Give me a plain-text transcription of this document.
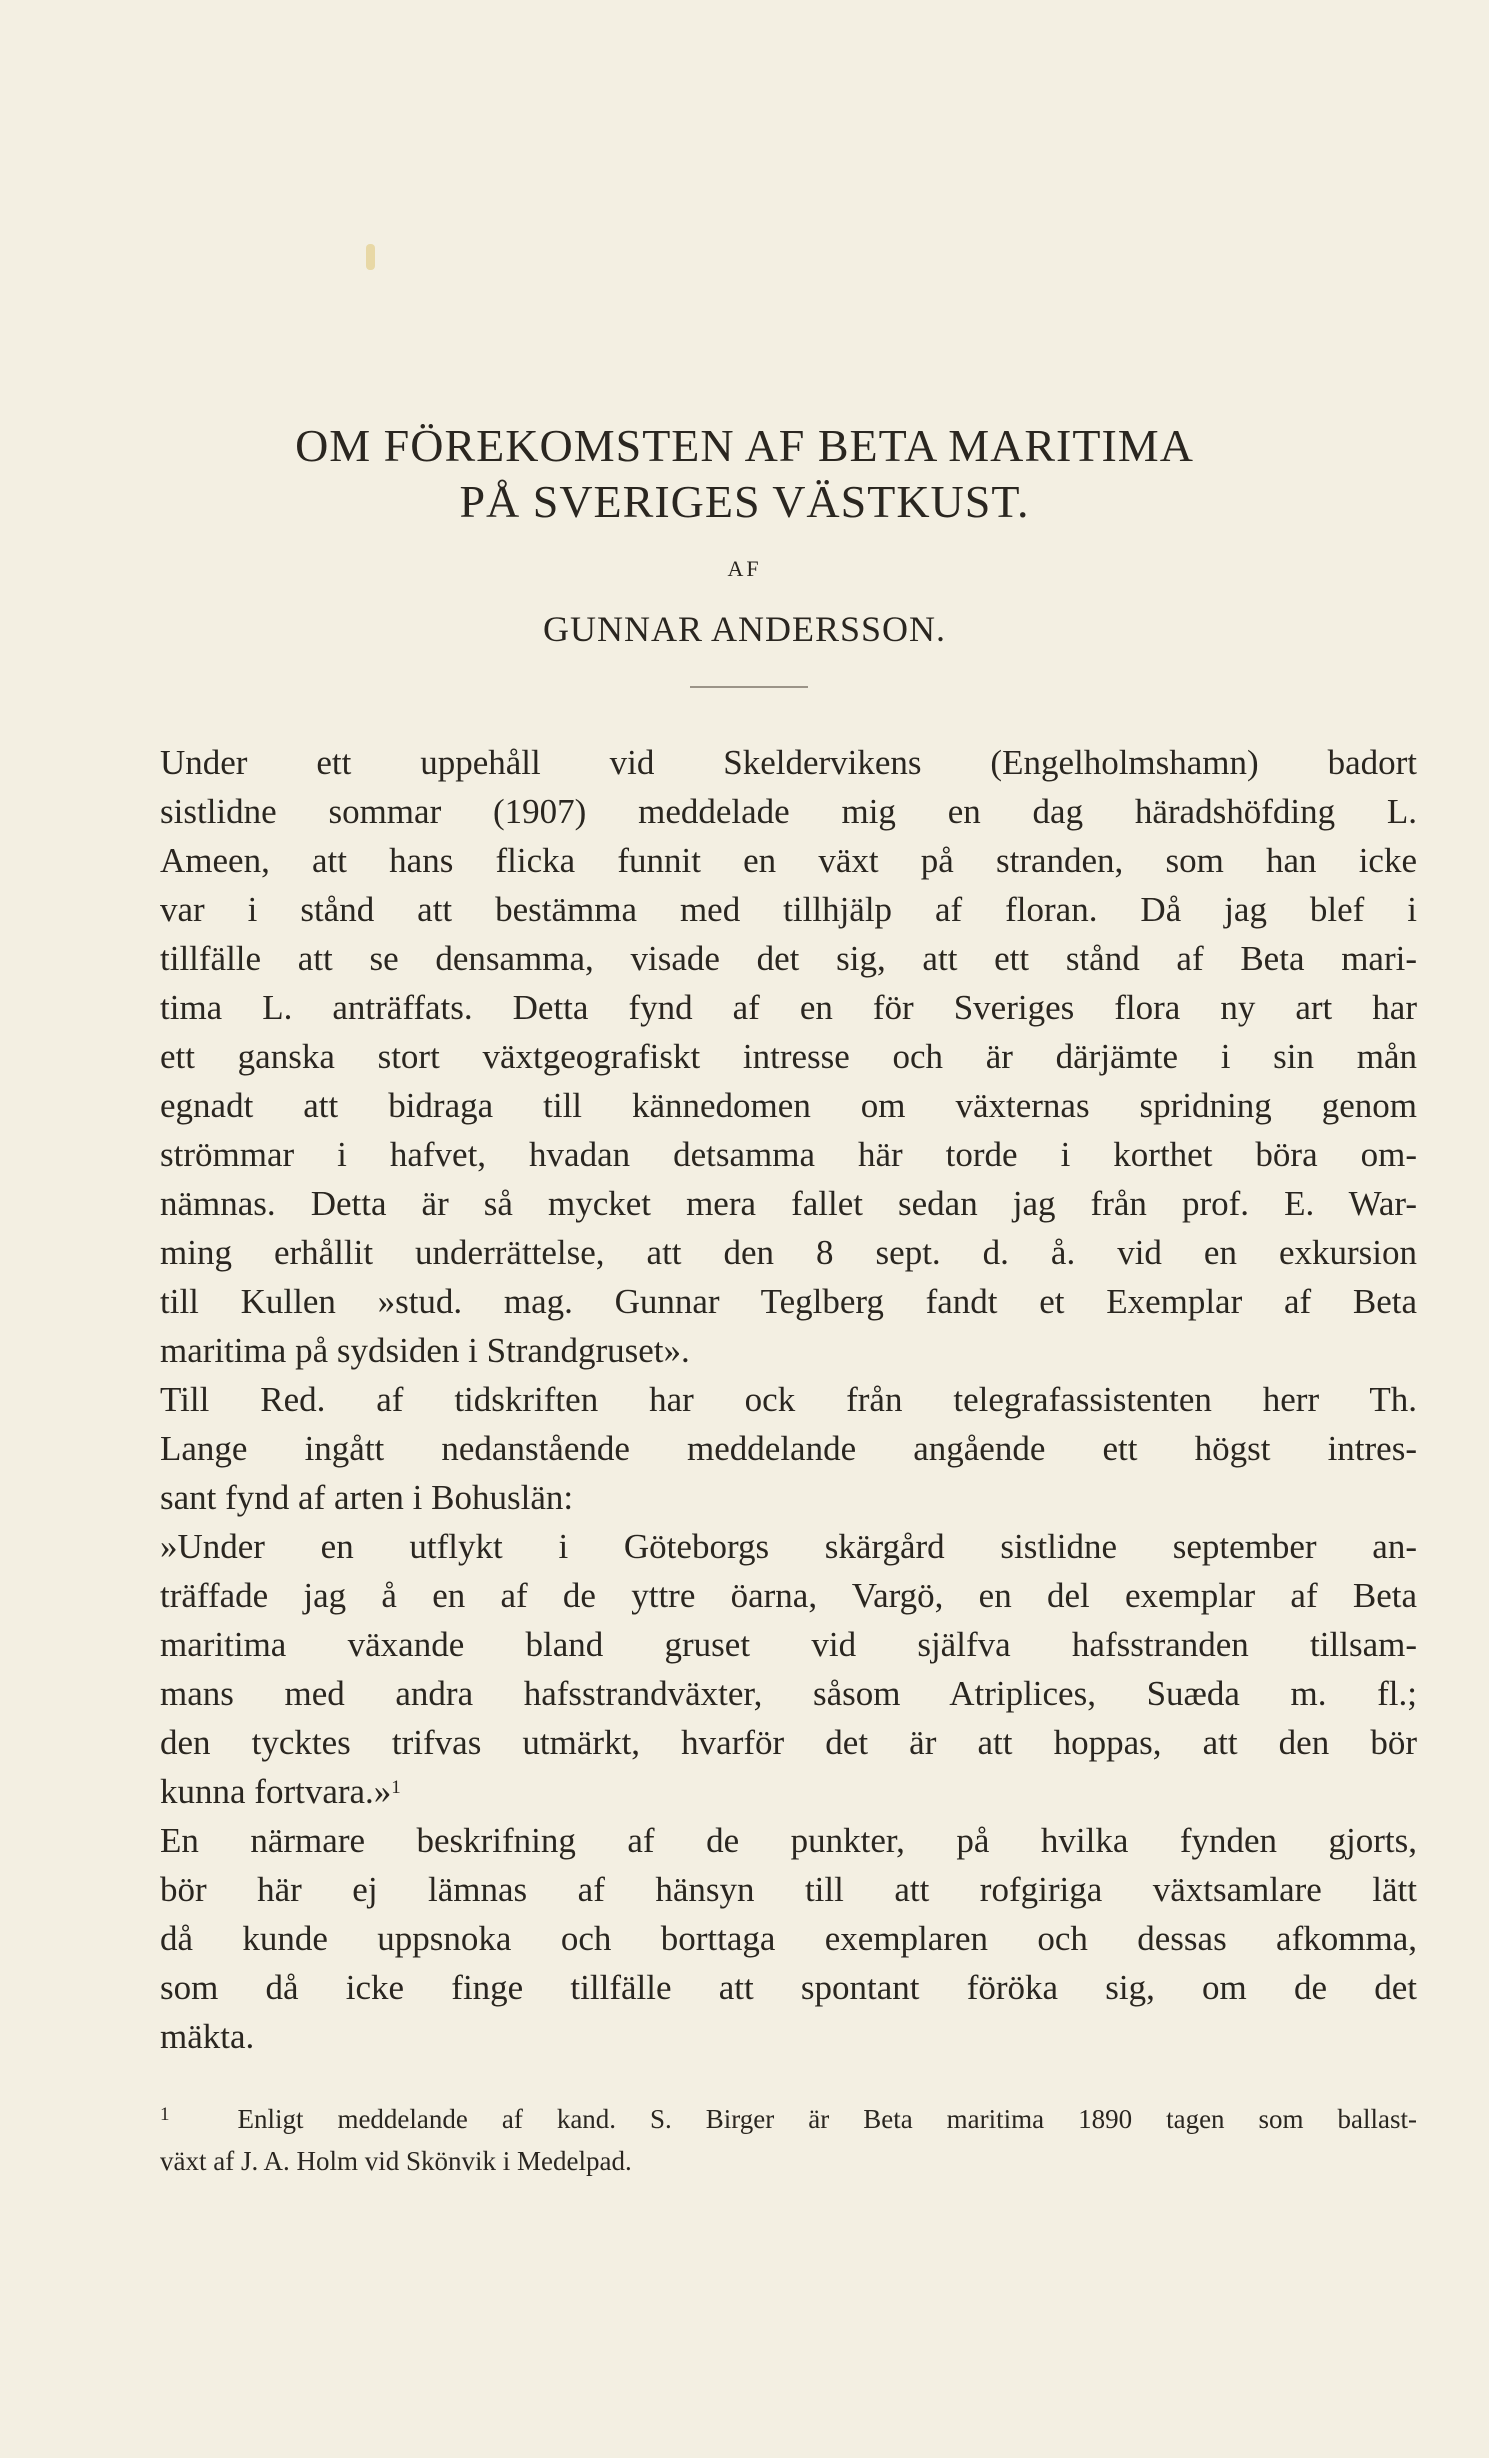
OM FÖREKOMSTEN AF BETA MARITIMA
PÅ SVERIGES VÄSTKUST.
AF
GUNNAR ANDERSSON.
Under ett uppehåll vid Skeldervikens (Engelholmshamn) badort
sistlidne sommar (1907) meddelade mig en dag häradshöfding L.
Ameen, att hans flicka funnit en växt på stranden, som han icke
var i stånd att bestämma med tillhjälp af floran. Då jag blef i
tillfälle att se densamma, visade det sig, att ett stånd af Beta mari-
tima L. anträffats. Detta fynd af en för Sveriges flora ny art har
ett ganska stort växtgeografiskt intresse och är därjämte i sin mån
egnadt att bidraga till kännedomen om växternas spridning genom
strömmar i hafvet, hvadan detsamma här torde i korthet böra om-
nämnas. Detta är så mycket mera fallet sedan jag från prof. E. War-
ming erhållit underrättelse, att den 8 sept. d. å. vid en exkursion
till Kullen »stud. mag. Gunnar Teglberg fandt et Exemplar af Beta
maritima på sydsiden i Strandgruset».
Till Red. af tidskriften har ock från telegrafassistenten herr Th.
Lange ingått nedanstående meddelande angående ett högst intres-
sant fynd af arten i Bohuslän:
»Under en utflykt i Göteborgs skärgård sistlidne september an-
träffade jag å en af de yttre öarna, Vargö, en del exemplar af Beta
maritima växande bland gruset vid själfva hafsstranden tillsam-
mans med andra hafsstrandväxter, såsom Atriplices, Suæda m. fl.;
den tycktes trifvas utmärkt, hvarför det är att hoppas, att den bör
kunna fortvara.»$^1$
En närmare beskrifning af de punkter, på hvilka fynden gjorts,
bör här ej lämnas af hänsyn till att rofgiriga växtsamlare lätt
då kunde uppsnoka och borttaga exemplaren och dessas afkomma,
som då icke finge tillfälle att spontant föröka sig, om de det
mäkta.
$^1$	Enligt meddelande af kand. S. Birger är Beta maritima 1890 tagen som ballast-
växt af J. A. Holm vid Skönvik i Medelpad.
